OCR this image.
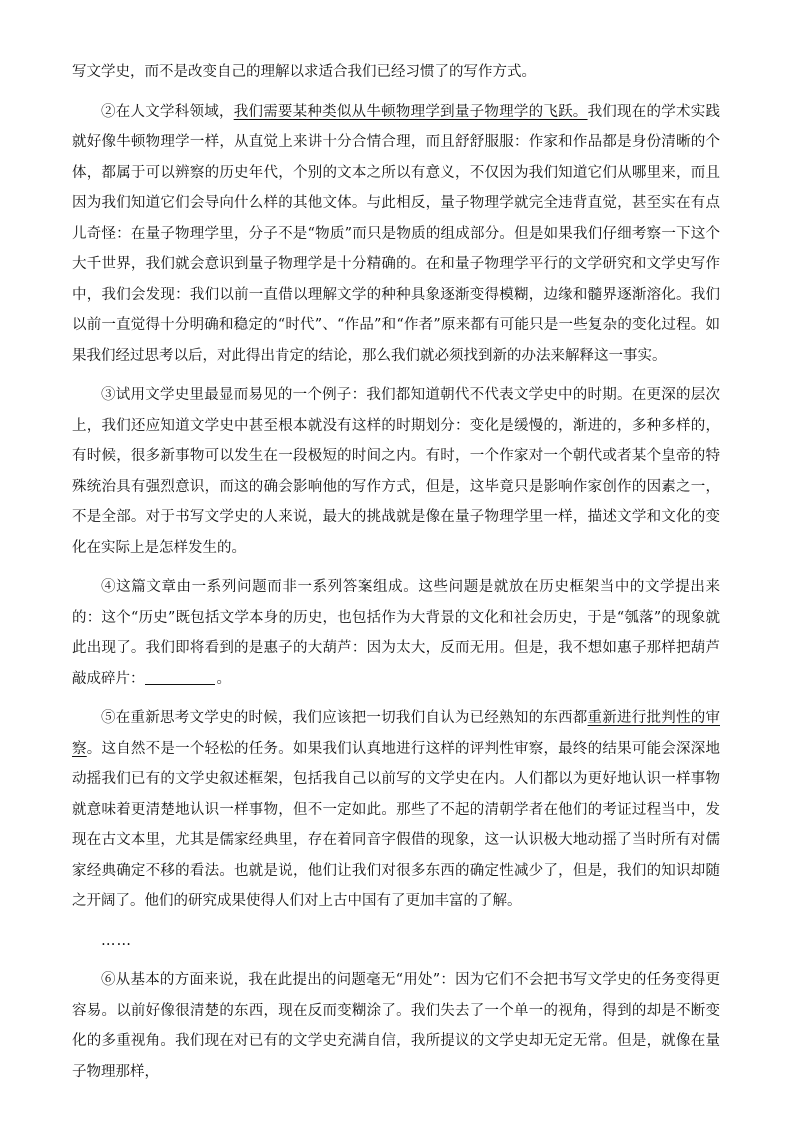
写文学史，而不是改变自己的理解以求适合我们已经习惯了的写作方式。

②在人文学科领域，我们需要某种类似从牛顿物理学到量子物理学的飞跃。我们现在的学术实践就好像牛顿物理学一样，从直觉上来讲十分合情合理，而且舒舒服服：作家和作品都是身份清晰的个体，都属于可以辨察的历史年代，个别的文本之所以有意义，不仅因为我们知道它们从哪里来，而且因为我们知道它们会导向什么样的其他文体。与此相反，量子物理学就完全违背直觉，甚至实在有点儿奇怪：在量子物理学里，分子不是“物质”而只是物质的组成部分。但是如果我们仔细考察一下这个大千世界，我们就会意识到量子物理学是十分精确的。在和量子物理学平行的文学研究和文学史写作中，我们会发现：我们以前一直借以理解文学的种种具象逐渐变得模糊，边缘和髓界逐渐溶化。我们以前一直觉得十分明确和稳定的“时代”、“作品”和“作者”原来都有可能只是一些复杂的变化过程。如果我们经过思考以后，对此得出肯定的结论，那么我们就必须找到新的办法来解释这一事实。

③试用文学史里最显而易见的一个例子：我们都知道朝代不代表文学史中的时期。在更深的层次上，我们还应知道文学史中甚至根本就没有这样的时期划分：变化是缓慢的，渐进的，多种多样的，有时候，很多新事物可以发生在一段极短的时间之内。有时，一个作家对一个朝代或者某个皇帝的特殊统治具有强烈意识，而这的确会影响他的写作方式，但是，这毕竟只是影响作家创作的因素之一，不是全部。对于书写文学史的人来说，最大的挑战就是像在量子物理学里一样，描述文学和文化的变化在实际上是怎样发生的。

④这篇文章由一系列问题而非一系列答案组成。这些问题是就放在历史框架当中的文学提出来的：这个“历史”既包括文学本身的历史，也包括作为大背景的文化和社会历史，于是“瓠落”的现象就此出现了。我们即将看到的是惠子的大葫芦：因为太大，反而无用。但是，我不想如惠子那样把葫芦敲成碎片：	。

⑤在重新思考文学史的时候，我们应该把一切我们自认为已经熟知的东西都重新进行批判性的审察。这自然不是一个轻松的任务。如果我们认真地进行这样的评判性审察，最终的结果可能会深深地动摇我们已有的文学史叙述框架，包括我自己以前写的文学史在内。人们都以为更好地认识一样事物就意味着更清楚地认识一样事物，但不一定如此。那些了不起的清朝学者在他们的考证过程当中，发现在古文本里，尤其是儒家经典里，存在着同音字假借的现象，这一认识极大地动摇了当时所有对儒家经典确定不移的看法。也就是说，他们让我们对很多东西的确定性减少了，但是，我们的知识却随之开阔了。他们的研究成果使得人们对上古中国有了更加丰富的了解。

……

⑥从基本的方面来说，我在此提出的问题毫无“用处”：因为它们不会把书写文学史的任务变得更容易。以前好像很清楚的东西，现在反而变糊涂了。我们失去了一个单一的视角，得到的却是不断变化的多重视角。我们现在对已有的文学史充满自信，我所提议的文学史却无定无常。但是，就像在量子物理那样，
